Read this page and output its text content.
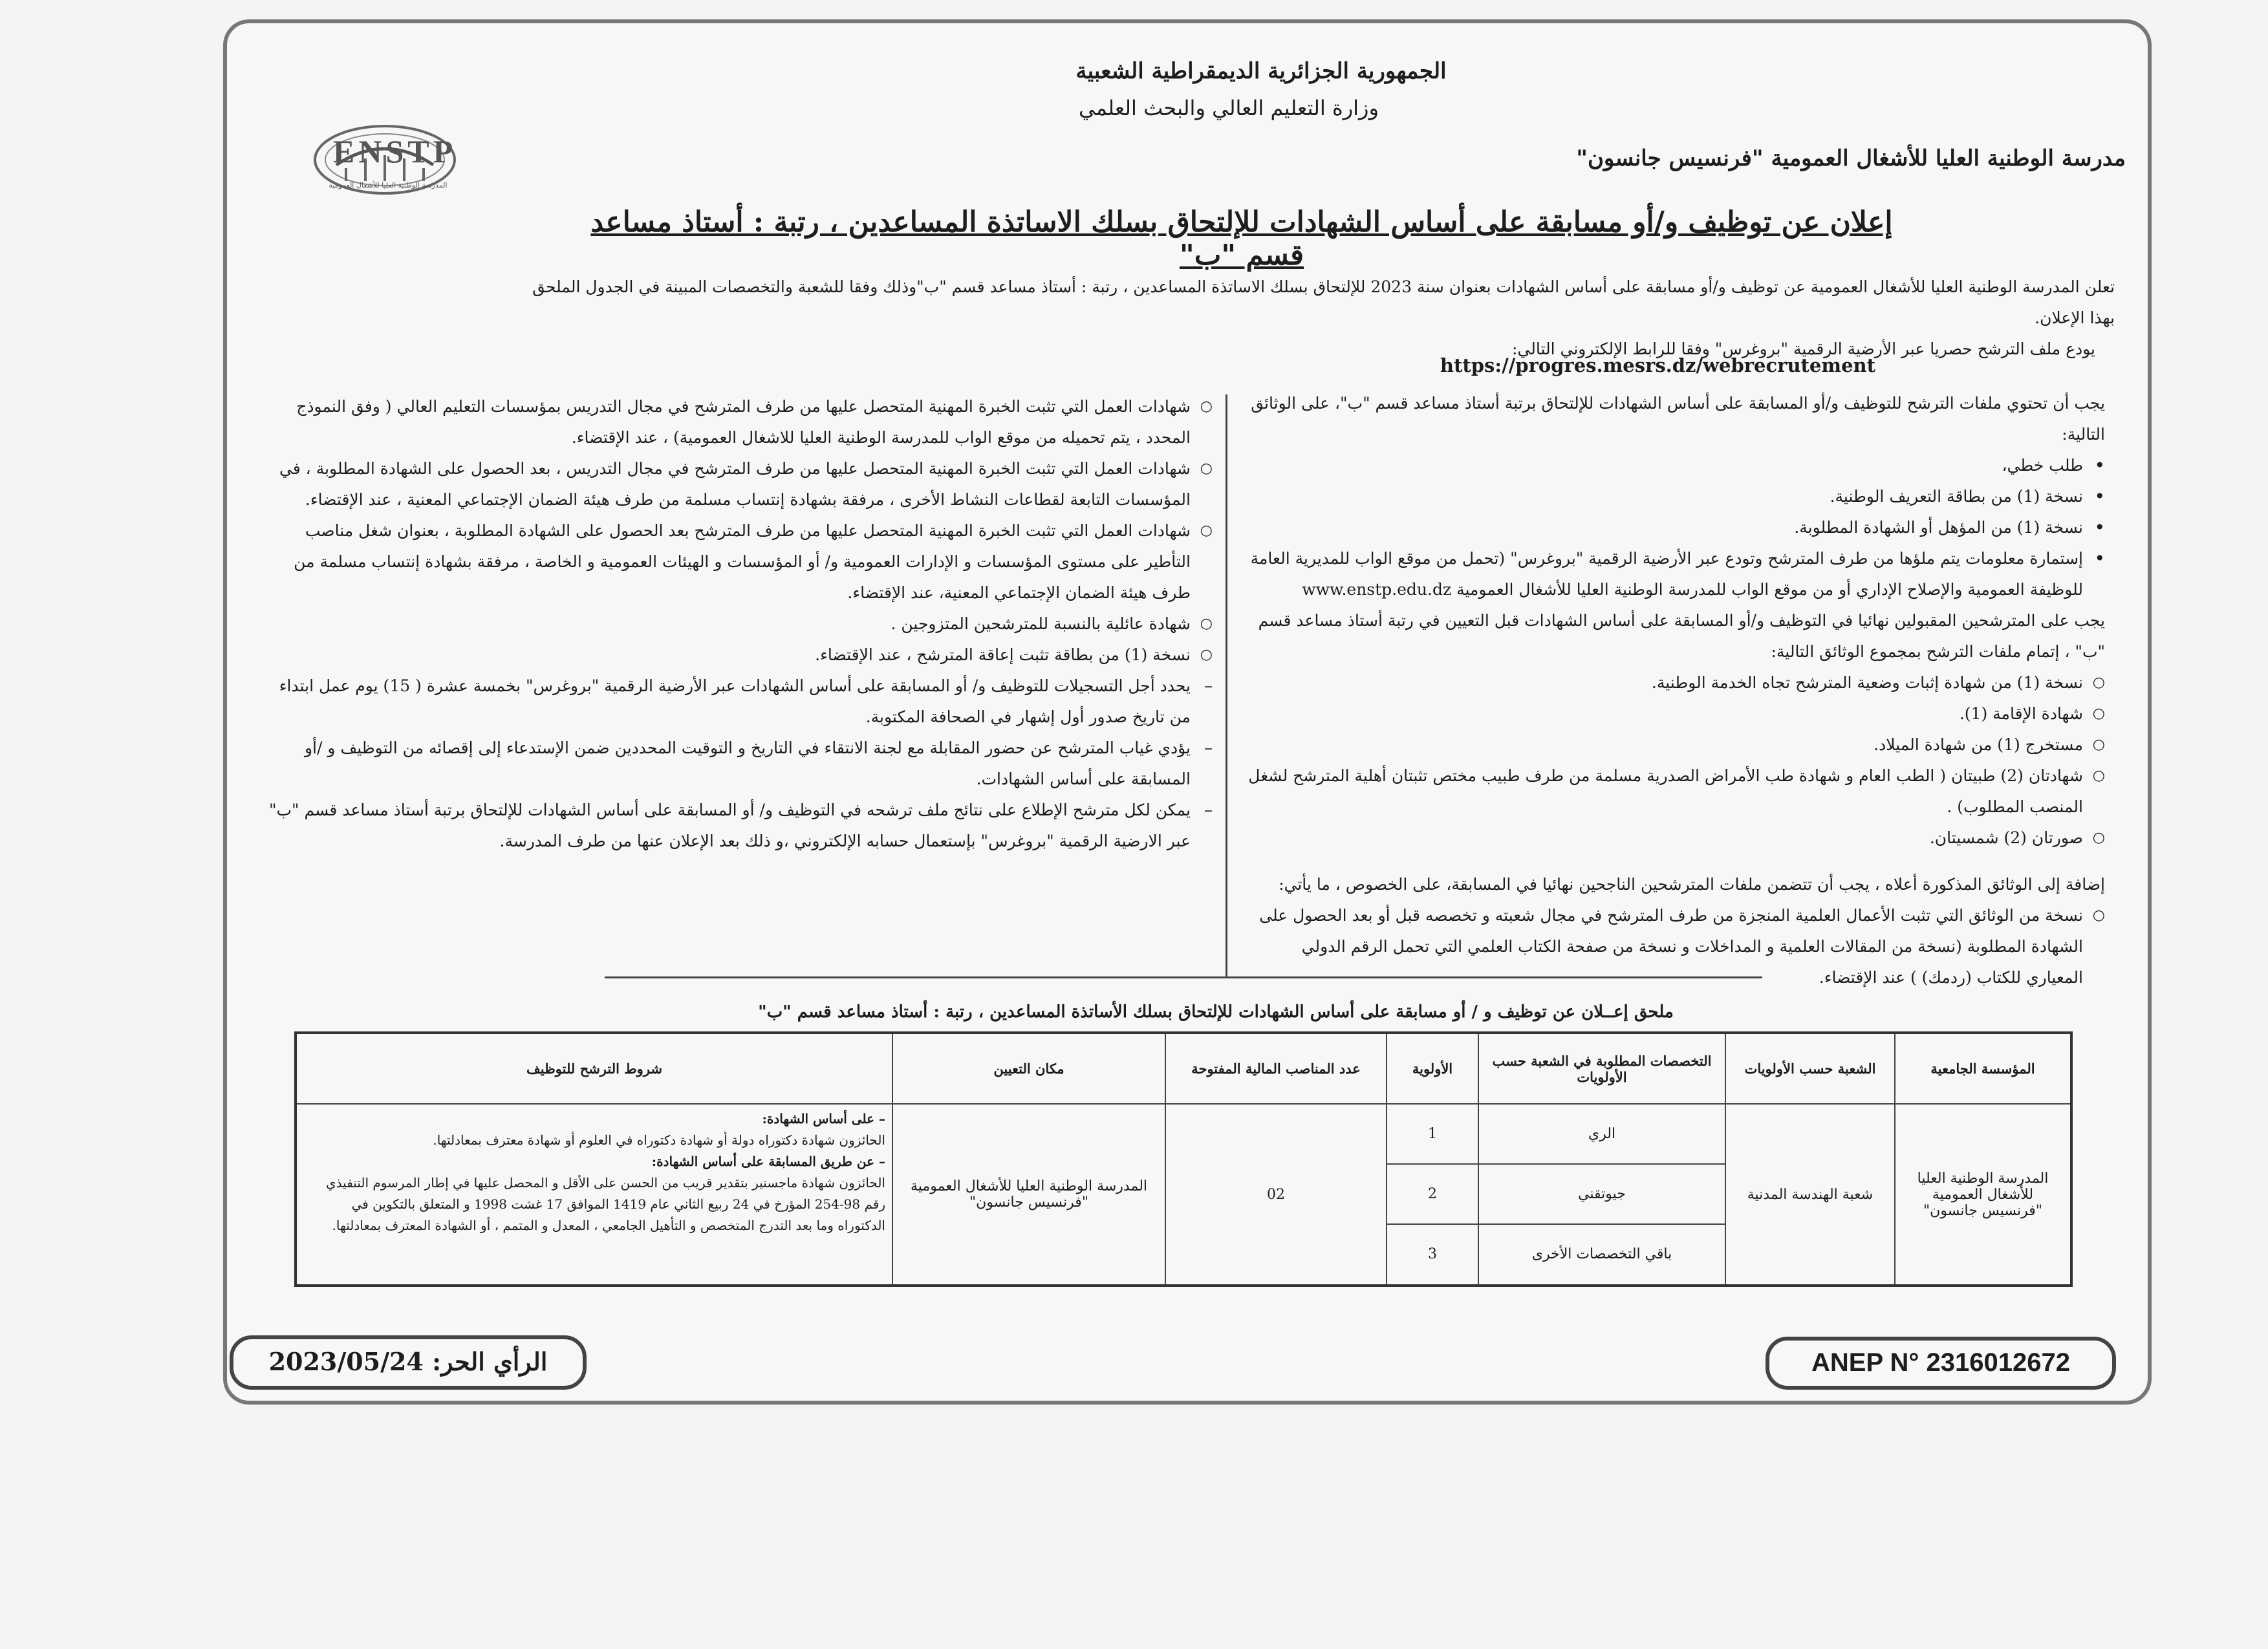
ENSTP
المدرسة الوطنية العليا للأشغال العمومية
الجمهورية الجزائرية الديمقراطية الشعبية
وزارة التعليم العالي والبحث العلمي
مدرسة الوطنية العليا للأشغال العمومية "فرنسيس جانسون"
إعلان عن توظيف و/أو مسابقة على أساس الشهادات للإلتحاق بسلك الاساتذة المساعدين ، رتبة : أستاذ مساعد قسم "ب"
تعلن المدرسة الوطنية العليا للأشغال العمومية عن توظيف و/أو مسابقة على أساس الشهادات بعنوان سنة 2023 للإلتحاق بسلك الاساتذة المساعدين ، رتبة : أستاذ مساعد قسم "ب"وذلك وفقا للشعبة والتخصصات المبينة في الجدول الملحق بهذا الإعلان.
يودع ملف الترشح حصريا عبر الأرضية الرقمية "بروغرس" وفقا للرابط الإلكتروني التالي:
https://progres.mesrs.dz/webrecrutement
يجب أن تحتوي ملفات الترشح للتوظيف و/أو المسابقة على أساس الشهادات للإلتحاق برتبة أستاذ مساعد قسم "ب"، على الوثائق التالية:
• طلب خطي،
• نسخة (1) من بطاقة التعريف الوطنية.
• نسخة (1) من المؤهل أو الشهادة المطلوبة.
• إستمارة معلومات يتم ملؤها من طرف المترشح وتودع عبر الأرضية الرقمية "بروغرس" (تحمل من موقع الواب للمديرية العامة للوظيفة العمومية والإصلاح الإداري أو من موقع الواب للمدرسة الوطنية العليا للأشغال العمومية www.enstp.edu.dz
يجب على المترشحين المقبولين نهائيا في التوظيف و/أو المسابقة على أساس الشهادات قبل التعيين في رتبة أستاذ مساعد قسم "ب" ، إتمام ملفات الترشح بمجموع الوثائق التالية:
○ نسخة (1) من شهادة إثبات وضعية المترشح تجاه الخدمة الوطنية.
○ شهادة الإقامة (1).
○ مستخرج (1) من شهادة الميلاد.
○ شهادتان (2) طبيتان ( الطب العام و شهادة طب الأمراض الصدرية مسلمة من طرف طبيب مختص تثبتان أهلية المترشح لشغل المنصب المطلوب) .
○ صورتان (2) شمسيتان.
إضافة إلى الوثائق المذكورة أعلاه ، يجب أن تتضمن ملفات المترشحين الناجحين نهائيا في المسابقة، على الخصوص ، ما يأتي:
○ نسخة من الوثائق التي تثبت الأعمال العلمية المنجزة من طرف المترشح في مجال شعبته و تخصصه قبل أو بعد الحصول على الشهادة المطلوبة (نسخة من المقالات العلمية و المداخلات و نسخة من صفحة الكتاب العلمي التي تحمل الرقم الدولي المعياري للكتاب (ردمك) ) عند الإقتضاء.
○ شهادات العمل التي تثبت الخبرة المهنية المتحصل عليها من طرف المترشح في مجال التدريس بمؤسسات التعليم العالي ( وفق النموذج المحدد ، يتم تحميله من موقع الواب للمدرسة الوطنية العليا للاشغال العمومية) ، عند الإقتضاء.
○ شهادات العمل التي تثبت الخبرة المهنية المتحصل عليها من طرف المترشح في مجال التدريس ، بعد الحصول على الشهادة المطلوبة ، في المؤسسات التابعة لقطاعات النشاط الأخرى ، مرفقة بشهادة إنتساب مسلمة من طرف هيئة الضمان الإجتماعي المعنية ، عند الإقتضاء.
○ شهادات العمل التي تثبت الخبرة المهنية المتحصل عليها من طرف المترشح بعد الحصول على الشهادة المطلوبة ، بعنوان شغل مناصب التأطير على مستوى المؤسسات و الإدارات العمومية و/ أو المؤسسات و الهيئات العمومية و الخاصة ، مرفقة بشهادة إنتساب مسلمة من طرف هيئة الضمان الإجتماعي المعنية، عند الإقتضاء.
○ شهادة عائلية بالنسبة للمترشحين المتزوجين .
○ نسخة (1) من بطاقة تثبت إعاقة المترشح ، عند الإقتضاء.
– يحدد أجل التسجيلات للتوظيف و/ أو المسابقة على أساس الشهادات عبر الأرضية الرقمية "بروغرس" بخمسة عشرة ( 15) يوم عمل ابتداء من تاريخ صدور أول إشهار في الصحافة المكتوبة.
– يؤدي غياب المترشح عن حضور المقابلة مع لجنة الانتقاء في التاريخ و التوقيت المحددين ضمن الإستدعاء إلى إقصائه من التوظيف و /أو المسابقة على أساس الشهادات.
– يمكن لكل مترشح الإطلاع على نتائج ملف ترشحه في التوظيف و/ أو المسابقة على أساس الشهادات للإلتحاق برتبة أستاذ مساعد قسم "ب" عبر الارضية الرقمية "بروغرس" بإستعمال حسابه الإلكتروني ،و ذلك بعد الإعلان عنها من طرف المدرسة.
ملحق إعــلان عن توظيف و / أو مسابقة على أساس الشهادات للإلتحاق بسلك الأساتذة المساعدين ، رتبة : أستاذ مساعد قسم "ب"
المؤسسة الجامعية	الشعبة حسب الأولويات	التخصصات المطلوبة في الشعبة حسب الأولويات	الأولوية	عدد المناصب المالية المفتوحة	مكان التعيين	شروط الترشح للتوظيف
المدرسة الوطنية العليا للأشغال العمومية "فرنسيس جانسون"	شعبة الهندسة المدنية	الري	1	02	المدرسة الوطنية العليا للأشغال العمومية "فرنسيس جانسون"	– على أساس الشهادة:
الحائزون شهادة دكتوراه دولة أو شهادة دكتوراه في العلوم أو شهادة معترف بمعادلتها.
– عن طريق المسابقة على أساس الشهادة:
الحائزون شهادة ماجستير بتقدير قريب من الحسن على الأقل و المحصل عليها في إطار المرسوم التنفيذي رقم 98-254 المؤرخ في 24 ربيع الثاني عام 1419 الموافق 17 غشت 1998 و المتعلق بالتكوين في الدكتوراه وما بعد التدرج المتخصص و التأهيل الجامعي ، المعدل و المتمم ، أو الشهادة المعترف بمعادلتها.

		جيوتقني	2			
		باقي التخصصات الأخرى	3			
الرأي الحر: 2023/05/24	ANEP N° 2316012672
